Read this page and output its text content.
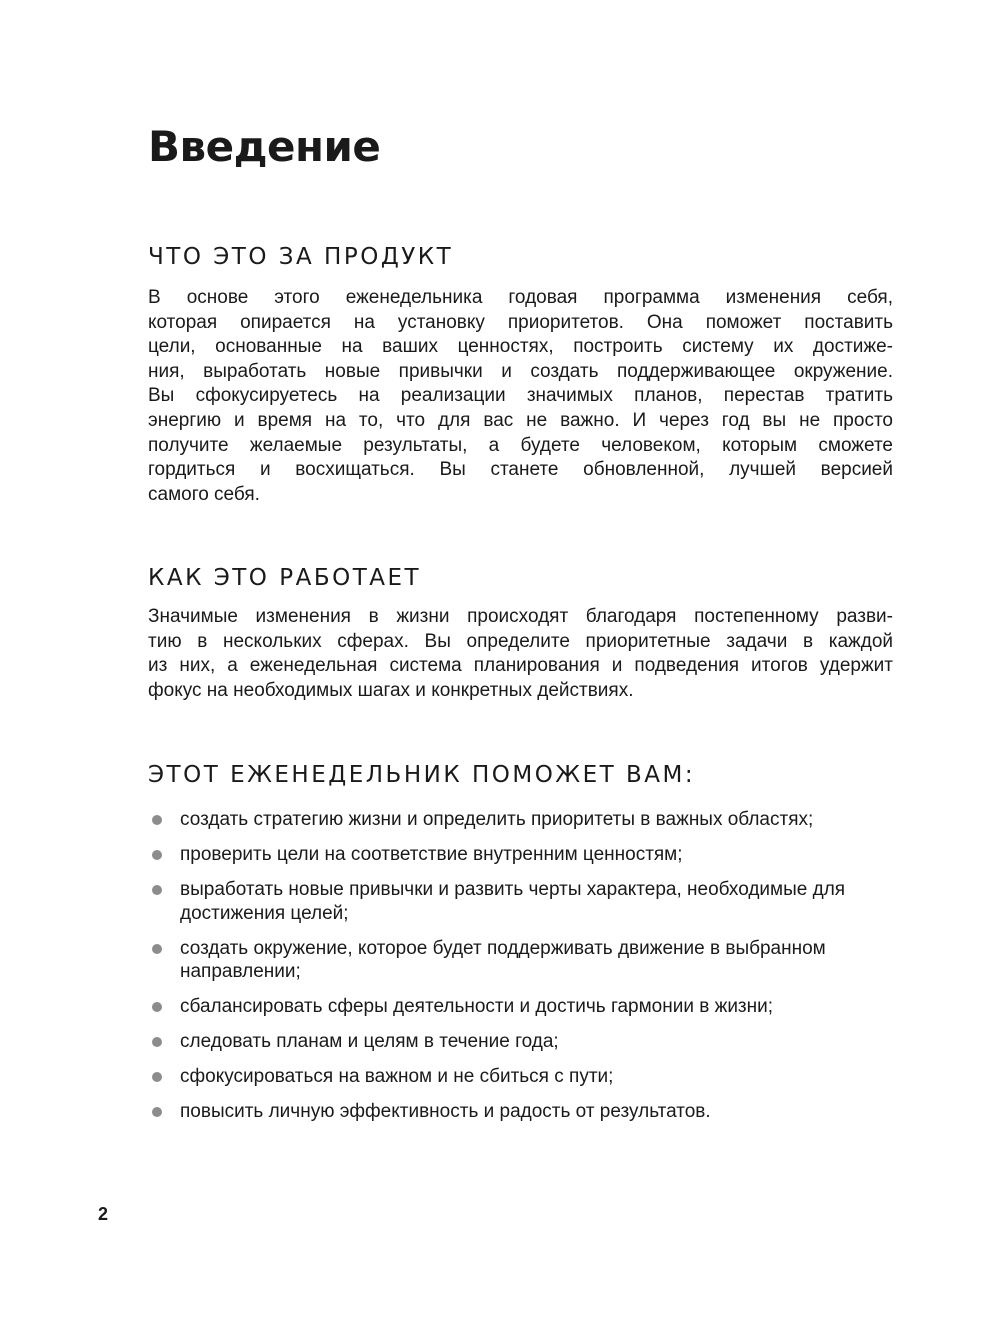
Введение
ЧТО ЭТО ЗА ПРОДУКТ
В основе этого еженедельника годовая программа изменения себя,
которая опирается на установку приоритетов. Она поможет поставить
цели, основанные на ваших ценностях, построить систему их достиже-
ния, выработать новые привычки и создать поддерживающее окружение.
Вы сфокусируетесь на реализации значимых планов, перестав тратить
энергию и время на то, что для вас не важно. И через год вы не просто
получите желаемые результаты, а будете человеком, которым сможете
гордиться и восхищаться. Вы станете обновленной, лучшей версией
самого себя.
КАК ЭТО РАБОТАЕТ
Значимые изменения в жизни происходят благодаря постепенному разви-
тию в нескольких сферах. Вы определите приоритетные задачи в каждой
из них, а еженедельная система планирования и подведения итогов удержит
фокус на необходимых шагах и конкретных действиях.
ЭТОТ ЕЖЕНЕДЕЛЬНИК ПОМОЖЕТ ВАМ:
создать стратегию жизни и определить приоритеты в важных областях;
проверить цели на соответствие внутренним ценностям;
выработать новые привычки и развить черты характера, необходимые для достижения целей;
создать окружение, которое будет поддерживать движение в выбранном направлении;
сбалансировать сферы деятельности и достичь гармонии в жизни;
следовать планам и целям в течение года;
сфокусироваться на важном и не сбиться с пути;
повысить личную эффективность и радость от результатов.
2
